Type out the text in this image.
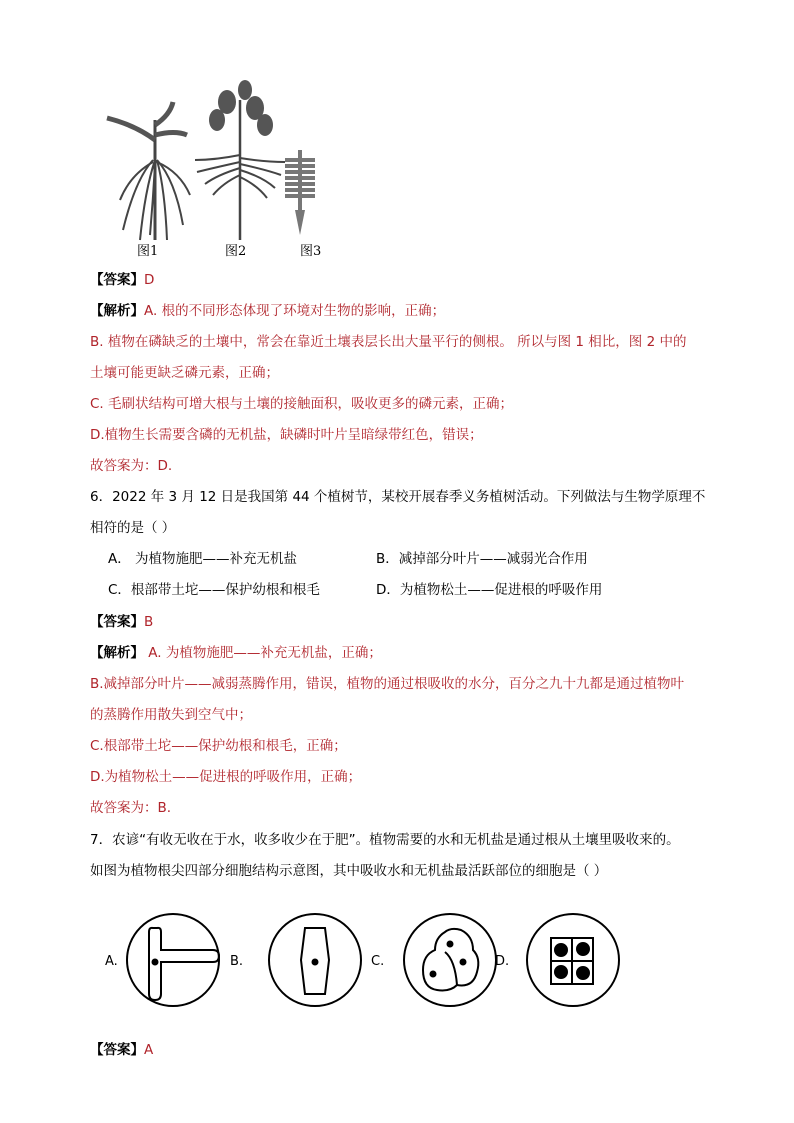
图1	图2	图3
【答案】D
【解析】A. 根的不同形态体现了环境对生物的影响，正确；
B. 植物在磷缺乏的土壤中，常会在靠近土壤表层长出大量平行的侧根。 所以与图 1 相比，图 2 中的
土壤可能更缺乏磷元素，正确；
C. 毛刷状结构可增大根与土壤的接触面积，吸收更多的磷元素，正确；
D.植物生长需要含磷的无机盐，缺磷时叶片呈暗绿带红色，错误；
故答案为：D.
6．2022 年 3 月 12 日是我国第 44 个植树节，某校开展春季义务植树活动。下列做法与生物学原理不
相符的是（ ）
A． 为植物施肥——补充无机盐	B．减掉部分叶片——减弱光合作用
C．根部带土坨——保护幼根和根毛	D．为植物松土——促进根的呼吸作用
【答案】B
【解析】 A. 为植物施肥——补充无机盐，正确；
B.减掉部分叶片——减弱蒸腾作用，错误，植物的通过根吸收的水分，百分之九十九都是通过植物叶
的蒸腾作用散失到空气中；
C.根部带土坨——保护幼根和根毛，正确；
D.为植物松土——促进根的呼吸作用，正确；
故答案为：B.
7．农谚“有收无收在于水，收多收少在于肥”。植物需要的水和无机盐是通过根从土壤里吸收来的。
如图为植物根尖四部分细胞结构示意图，其中吸收水和无机盐最活跃部位的细胞是（ ）
A.	B.	C.	D.
【答案】A
